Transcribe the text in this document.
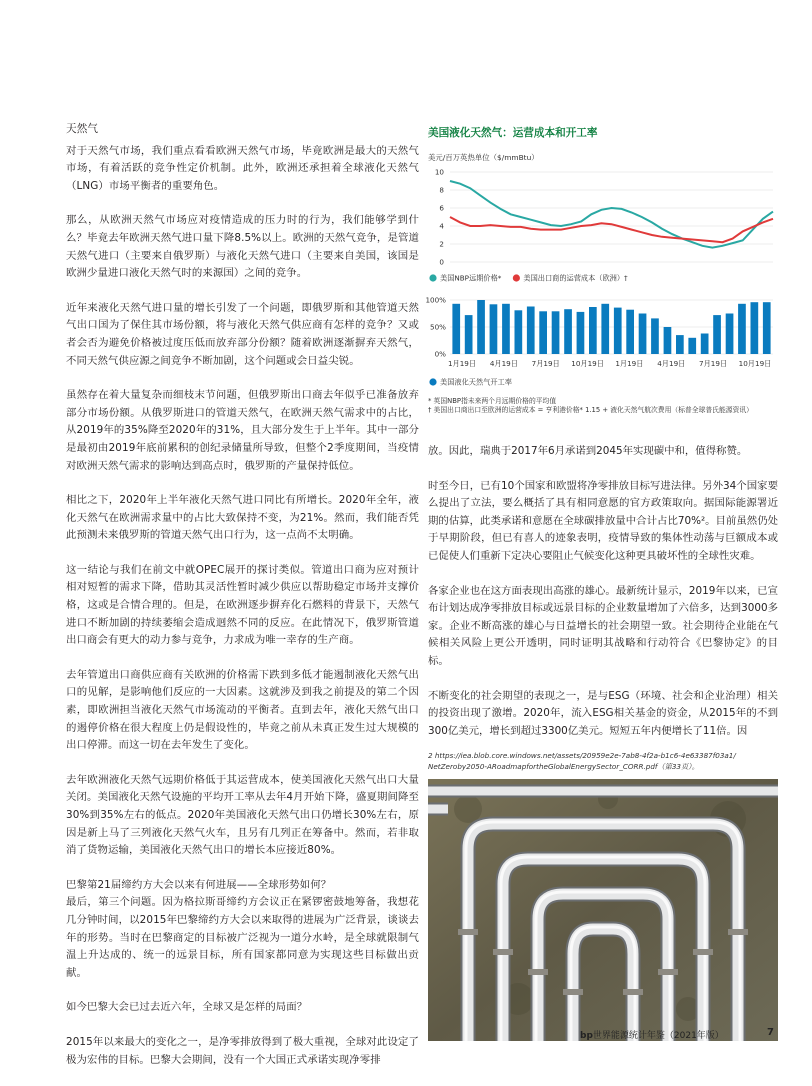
天然气

对于天然气市场，我们重点看看欧洲天然气市场，毕竟欧洲是最大的天然气市场，有着活跃的竞争性定价机制。此外，欧洲还承担着全球液化天然气（LNG）市场平衡者的重要角色。

那么，从欧洲天然气市场应对疫情造成的压力时的行为，我们能够学到什么？毕竟去年欧洲天然气进口量下降8.5%以上。欧洲的天然气竞争，是管道天然气进口（主要来自俄罗斯）与液化天然气进口（主要来自美国，该国是欧洲少量进口液化天然气时的来源国）之间的竞争。

近年来液化天然气进口量的增长引发了一个问题，即俄罗斯和其他管道天然气出口国为了保住其市场份额，将与液化天然气供应商有怎样的竞争？又或者会否为避免价格被过度压低而放弃部分份额？随着欧洲逐渐摒弃天然气，不同天然气供应源之间竞争不断加剧，这个问题或会日益尖锐。

虽然存在着大量复杂而细枝末节问题，但俄罗斯出口商去年似乎已准备放弃部分市场份额。从俄罗斯进口的管道天然气，在欧洲天然气需求中的占比，从2019年的35%降至2020年的31%，且大部分发生于上半年。其中一部分是最初由2019年底前累积的创纪录储量所导致，但整个2季度期间，当疫情对欧洲天然气需求的影响达到高点时，俄罗斯的产量保持低位。

相比之下，2020年上半年液化天然气进口同比有所增长。2020年全年，液化天然气在欧洲需求量中的占比大致保持不变，为21%。然而，我们能否凭此预测未来俄罗斯的管道天然气出口行为，这一点尚不太明确。

这一结论与我们在前文中就OPEC展开的探讨类似。管道出口商为应对预计相对短暂的需求下降，借助其灵活性暂时减少供应以帮助稳定市场并支撑价格，这或是合情合理的。但是，在欧洲逐步摒弃化石燃料的背景下，天然气进口不断加剧的持续萎缩会造成迥然不同的反应。在此情况下，俄罗斯管道出口商会有更大的动力参与竞争，力求成为唯一幸存的生产商。

去年管道出口商供应商有关欧洲的价格需下跌到多低才能遏制液化天然气出口的见解，是影响他们反应的一大因素。这就涉及到我之前提及的第二个因素，即欧洲担当液化天然气市场流动的平衡者。直到去年，液化天然气出口的遏停价格在很大程度上仍是假设性的，毕竟之前从未真正发生过大规模的出口停滞。而这一切在去年发生了变化。

去年欧洲液化天然气远期价格低于其运营成本，使美国液化天然气出口大量关闭。美国液化天然气设施的平均开工率从去年4月开始下降，盛夏期间降至30%到35%左右的低点。2020年美国液化天然气出口仍增长30%左右，原因是新上马了三列液化天然气火车，且另有几列正在筹备中。然而，若非取消了货物运输，美国液化天然气出口的增长本应接近80%。

巴黎第21届缔约方大会以来有何进展——全球形势如何？

最后，第三个问题。因为格拉斯哥缔约方会议正在紧锣密鼓地筹备，我想花几分钟时间，以2015年巴黎缔约方大会以来取得的进展为广泛背景，谈谈去年的形势。当时在巴黎商定的目标被广泛视为一道分水岭，是全球就限制气温上升达成的、统一的远景目标，所有国家都同意为实现这些目标做出贡献。

如今巴黎大会已过去近六年，全球又是怎样的局面？

2015年以来最大的变化之一，是净零排放得到了极大重视，全球对此设定了极为宏伟的目标。巴黎大会期间，没有一个大国正式承诺实现净零排

美国液化天然气：运营成本和开工率
美元/百万英热单位（$/mmBtu）
0
2
4
6
8
10
美国NBP远期价格*	美国出口商的运营成本（欧洲）†
0%
50%
100%
1月19日 4月19日 7月19日 10月19日 1月19日 4月19日 7月19日 10月19日
美国液化天然气开工率
* 英国NBP指未来两个月远期价格的平均值
† 美国出口商出口至欧洲的运营成本 = 亨利港价格* 1.15 + 液化天然气航次费用（标普全球普氏能源资讯）

放。因此，瑞典于2017年6月承诺到2045年实现碳中和，值得称赞。

时至今日，已有10个国家和欧盟将净零排放目标写进法律。另外34个国家要么提出了立法，要么概括了具有相同意愿的官方政策取向。据国际能源署近期的估算，此类承诺和意愿在全球碳排放量中合计占比70%²。目前虽然仍处于早期阶段，但已有喜人的迹象表明，疫情导致的集体性动荡与巨额成本或已促使人们重新下定决心要阻止气候变化这种更具破坏性的全球性灾难。

各家企业也在这方面表现出高涨的雄心。最新统计显示，2019年以来，已宣布计划达成净零排放目标或远景目标的企业数量增加了六倍多，达到3000多家。企业不断高涨的雄心与日益增长的社会期望一致。社会期待企业能在气候相关风险上更公开透明，同时证明其战略和行动符合《巴黎协定》的目标。

不断变化的社会期望的表现之一，是与ESG（环境、社会和企业治理）相关的投资出现了激增。2020年，流入ESG相关基金的资金，从2015年的不到300亿美元，增长到超过3300亿美元。短短五年内便增长了11倍。因

2 https://iea.blob.core.windows.net/assets/20959e2e-7ab8-4f2a-b1c6-4e63387f03a1/
NetZeroby2050-ARoadmapfortheGlobalEnergySector_CORR.pdf（第33页）。
bp世界能源统计年鉴（2021年版）	7
